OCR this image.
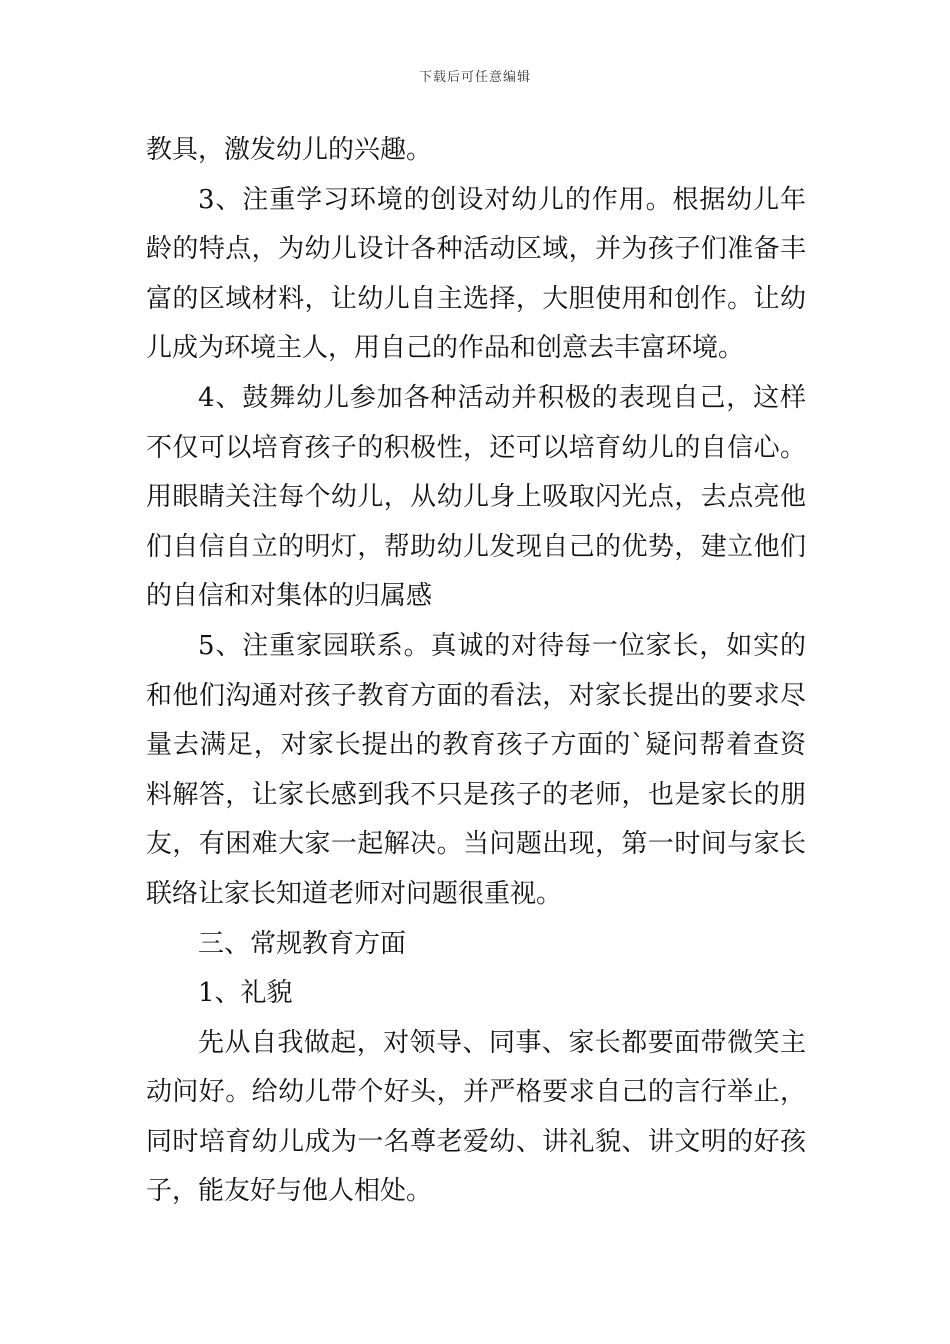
下载后可任意编辑

教具，激发幼儿的兴趣。

3、注重学习环境的创设对幼儿的作用。根据幼儿年龄的特点，为幼儿设计各种活动区域，并为孩子们准备丰富的区域材料，让幼儿自主选择，大胆使用和创作。让幼儿成为环境主人，用自己的作品和创意去丰富环境。

4、鼓舞幼儿参加各种活动并积极的表现自己，这样不仅可以培育孩子的积极性，还可以培育幼儿的自信心。用眼睛关注每个幼儿，从幼儿身上吸取闪光点，去点亮他们自信自立的明灯，帮助幼儿发现自己的优势，建立他们的自信和对集体的归属感

5、注重家园联系。真诚的对待每一位家长，如实的和他们沟通对孩子教育方面的看法，对家长提出的要求尽量去满足，对家长提出的教育孩子方面的`疑问帮着查资料解答，让家长感到我不只是孩子的老师，也是家长的朋友，有困难大家一起解决。当问题出现，第一时间与家长联络让家长知道老师对问题很重视。

三、常规教育方面

1、礼貌

先从自我做起，对领导、同事、家长都要面带微笑主动问好。给幼儿带个好头，并严格要求自己的言行举止，同时培育幼儿成为一名尊老爱幼、讲礼貌、讲文明的好孩子，能友好与他人相处。
